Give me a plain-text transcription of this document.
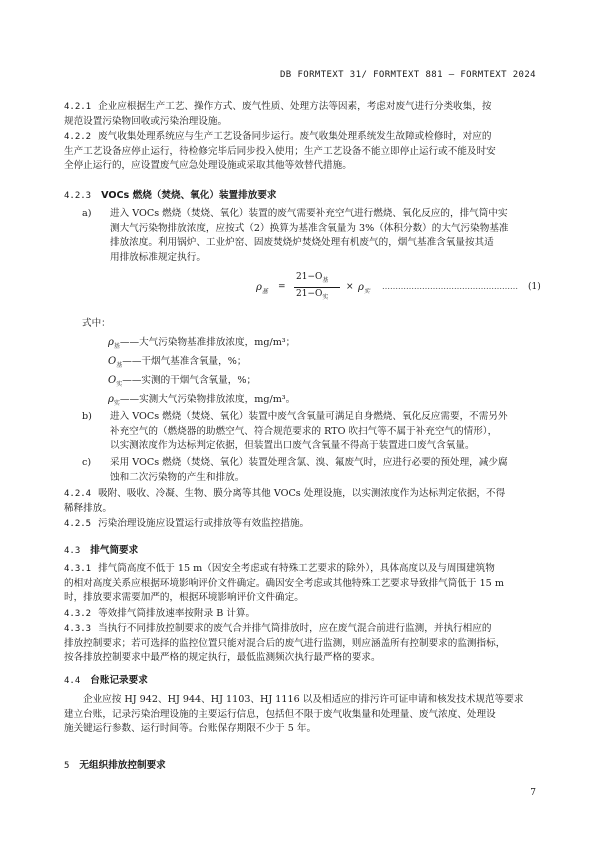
DB FORMTEXT 31/ FORMTEXT 881 — FORMTEXT 2024
4.2.1 企业应根据生产工艺、操作方式、废气性质、处理方法等因素，考虑对废气进行分类收集，按
规范设置污染物回收或污染治理设施。
4.2.2 废气收集处理系统应与生产工艺设备同步运行。废气收集处理系统发生故障或检修时，对应的
生产工艺设备应停止运行，待检修完毕后同步投入使用；生产工艺设备不能立即停止运行或不能及时安
全停止运行的，应设置废气应急处理设施或采取其他等效替代措施。
4.2.3 VOCs 燃烧（焚烧、氧化）装置排放要求
a) 进入 VOCs 燃烧（焚烧、氧化）装置的废气需要补充空气进行燃烧、氧化反应的，排气筒中实
测大气污染物排放浓度，应按式（2）换算为基准含氧量为 3%（体积分数）的大气污染物基准
排放浓度。利用锅炉、工业炉窑、固废焚烧炉焚烧处理有机废气的，烟气基准含氧量按其适
用排放标准规定执行。
$\rho_基$ =
$21-O_基$
$21-O_实$
× $\rho_实$
…………………………………………… (1)
式中：
$\rho_基——$大气污染物基准排放浓度，mg/m³；
$O_基——$干烟气基准含氧量，%；
$O_实——$实测的干烟气含氧量，%；
$\rho_实——$实测大气污染物排放浓度，mg/m³。
b) 进入 VOCs 燃烧（焚烧、氧化）装置中废气含氧量可满足自身燃烧、氧化反应需要，不需另外
补充空气的（燃烧器的助燃空气、符合规范要求的 RTO 吹扫气等不属于补充空气的情形），
以实测浓度作为达标判定依据，但装置出口废气含氧量不得高于装置进口废气含氧量。
c) 采用 VOCs 燃烧（焚烧、氧化）装置处理含氯、溴、氟废气时，应进行必要的预处理，减少腐
蚀和二次污染物的产生和排放。
4.2.4 吸附、吸收、冷凝、生物、膜分离等其他 VOCs 处理设施，以实测浓度作为达标判定依据，不得
稀释排放。
4.2.5 污染治理设施应设置运行或排放等有效监控措施。
4.3 排气筒要求
4.3.1 排气筒高度不低于 15 m（因安全考虑或有特殊工艺要求的除外），具体高度以及与周围建筑物
的相对高度关系应根据环境影响评价文件确定。确因安全考虑或其他特殊工艺要求导致排气筒低于 15 m
时，排放要求需要加严的，根据环境影响评价文件确定。
4.3.2 等效排气筒排放速率按附录 B 计算。
4.3.3 当执行不同排放控制要求的废气合并排气筒排放时，应在废气混合前进行监测，并执行相应的
排放控制要求；若可选择的监控位置只能对混合后的废气进行监测，则应涵盖所有控制要求的监测指标，
按各排放控制要求中最严格的规定执行，最低监测频次执行最严格的要求。
4.4 台账记录要求
企业应按 HJ 942、HJ 944、HJ 1103、HJ 1116 以及相适应的排污许可证申请和核发技术规范等要求
建立台账，记录污染治理设施的主要运行信息，包括但不限于废气收集量和处理量、废气浓度、处理设
施关键运行参数、运行时间等。台账保存期限不少于 5 年。
5 无组织排放控制要求
7
